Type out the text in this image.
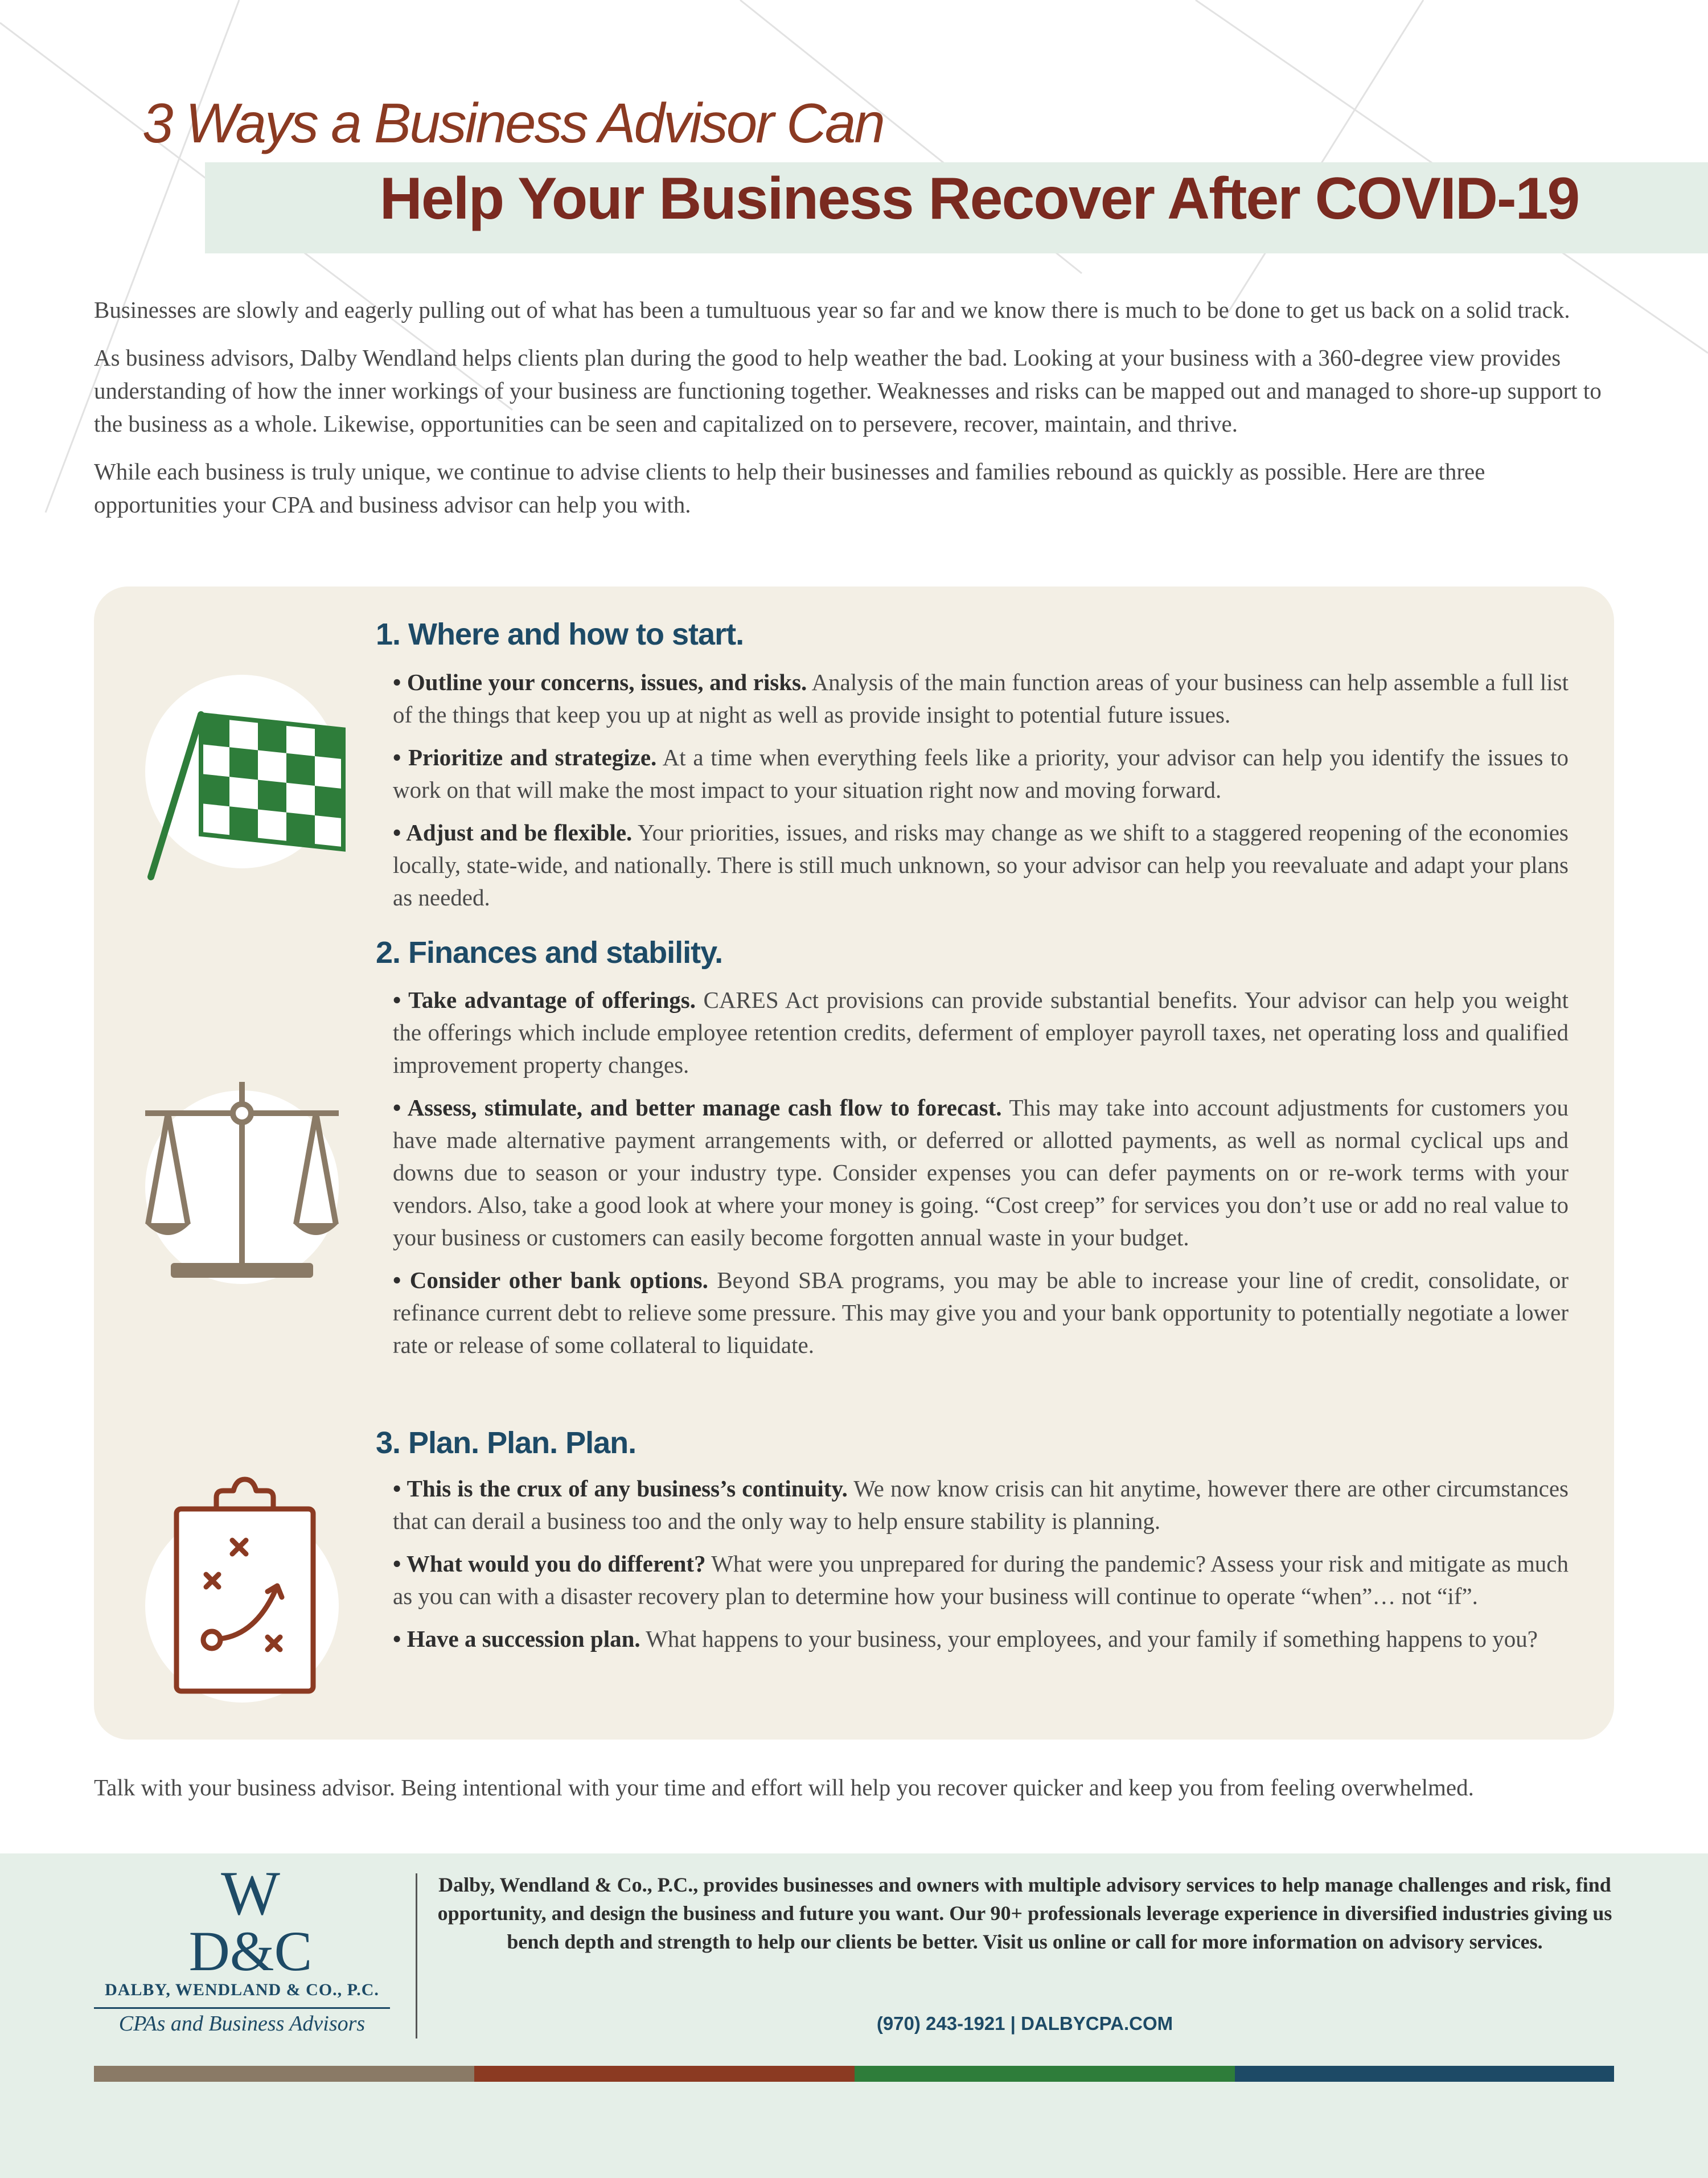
3 Ways a Business Advisor Can
Help Your Business Recover After COVID-19

Businesses are slowly and eagerly pulling out of what has been a tumultuous year so far and we know there is much to be done to get us back on a solid track.

As business advisors, Dalby Wendland helps clients plan during the good to help weather the bad. Looking at your business with a 360-degree view provides understanding of how the inner workings of your business are functioning together. Weaknesses and risks can be mapped out and managed to shore-up support to the business as a whole. Likewise, opportunities can be seen and capitalized on to persevere, recover, maintain, and thrive.

While each business is truly unique, we continue to advise clients to help their businesses and families rebound as quickly as possible. Here are three opportunities your CPA and business advisor can help you with.

1. Where and how to start.
• Outline your concerns, issues, and risks. Analysis of the main function areas of your business can help assemble a full list of the things that keep you up at night as well as provide insight to potential future issues.
• Prioritize and strategize. At a time when everything feels like a priority, your advisor can help you identify the issues to work on that will make the most impact to your situation right now and moving forward.
• Adjust and be flexible. Your priorities, issues, and risks may change as we shift to a staggered reopening of the economies locally, state-wide, and nationally. There is still much unknown, so your advisor can help you reevaluate and adapt your plans as needed.
2. Finances and stability.
• Take advantage of offerings. CARES Act provisions can provide substantial benefits. Your advisor can help you weight the offerings which include employee retention credits, deferment of employer payroll taxes, net operating loss and qualified improvement property changes.
• Assess, stimulate, and better manage cash flow to forecast. This may take into account adjustments for customers you have made alternative payment arrangements with, or deferred or allotted payments, as well as normal cyclical ups and downs due to season or your industry type. Consider expenses you can defer payments on or re-work terms with your vendors. Also, take a good look at where your money is going. “Cost creep” for services you don’t use or add no real value to your business or customers can easily become forgotten annual waste in your budget.
• Consider other bank options. Beyond SBA programs, you may be able to increase your line of credit, consolidate, or refinance current debt to relieve some pressure. This may give you and your bank opportunity to potentially negotiate a lower rate or release of some collateral to liquidate.
3. Plan. Plan. Plan.
• This is the crux of any business’s continuity. We now know crisis can hit anytime, however there are other circumstances that can derail a business too and the only way to help ensure stability is planning.
• What would you do different? What were you unprepared for during the pandemic? Assess your risk and mitigate as much as you can with a disaster recovery plan to determine how your business will continue to operate “when”… not “if”.
• Have a succession plan. What happens to your business, your employees, and your family if something happens to you?
Talk with your business advisor. Being intentional with your time and effort will help you recover quicker and keep you from feeling overwhelmed.
W
D&C
DALBY, WENDLAND & CO., P.C.
CPAs and Business Advisors
Dalby, Wendland & Co., P.C., provides businesses and owners with multiple advisory services to help manage challenges and risk, find opportunity, and design the business and future you want. Our 90+ professionals leverage experience in diversified industries giving us bench depth and strength to help our clients be better. Visit us online or call for more information on advisory services.
(970) 243-1921 | DALBYCPA.COM
